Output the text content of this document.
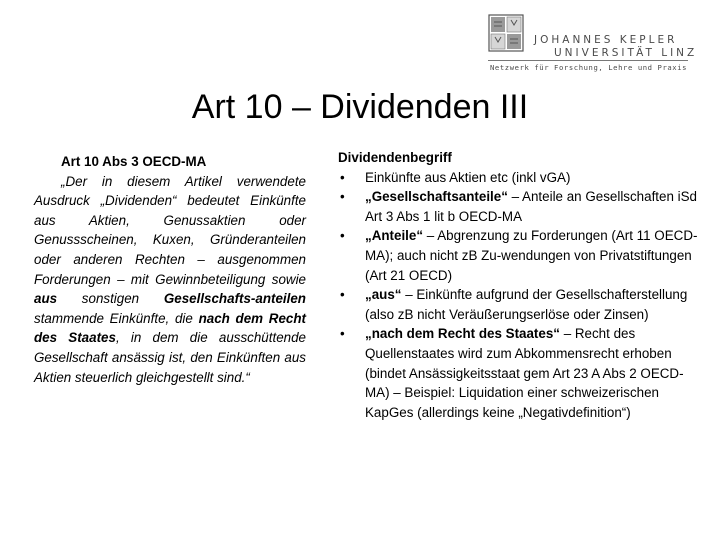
JOHANNES KEPLER
UNIVERSITÄT LINZ
Netzwerk für Forschung, Lehre und Praxis
Art 10 – Dividenden III
Art 10 Abs 3 OECD-MA
„Der in diesem Artikel verwendete Ausdruck „Dividenden“ bedeutet Einkünfte aus Aktien, Genussaktien oder Genussscheinen, Kuxen, Gründeranteilen oder anderen Rechten – ausgenommen Forderungen – mit Gewinnbeteiligung sowie aus sonstigen Gesellschafts-anteilen stammende Einkünfte, die nach dem Recht des Staates, in dem die ausschüttende Gesellschaft ansässig ist, den Einkünften aus Aktien steuerlich gleichgestellt sind.“
Dividendenbegriff
• Einkünfte aus Aktien etc (inkl vGA)
• „Gesellschaftsanteile“ – Anteile an Gesellschaften iSd Art 3 Abs 1 lit b OECD-MA
• „Anteile“ – Abgrenzung zu Forderungen (Art 11 OECD-MA); auch nicht zB Zu-wendungen von Privatstiftungen (Art 21 OECD)
• „aus“ – Einkünfte aufgrund der Gesellschafterstellung (also zB nicht Veräußerungserlöse oder Zinsen)
• „nach dem Recht des Staates“ – Recht des Quellenstaates wird zum Abkommensrecht erhoben (bindet Ansässigkeitsstaat gem Art 23 A Abs 2 OECD-MA) – Beispiel: Liquidation einer schweizerischen KapGes (allerdings keine „Negativdefinition“)
